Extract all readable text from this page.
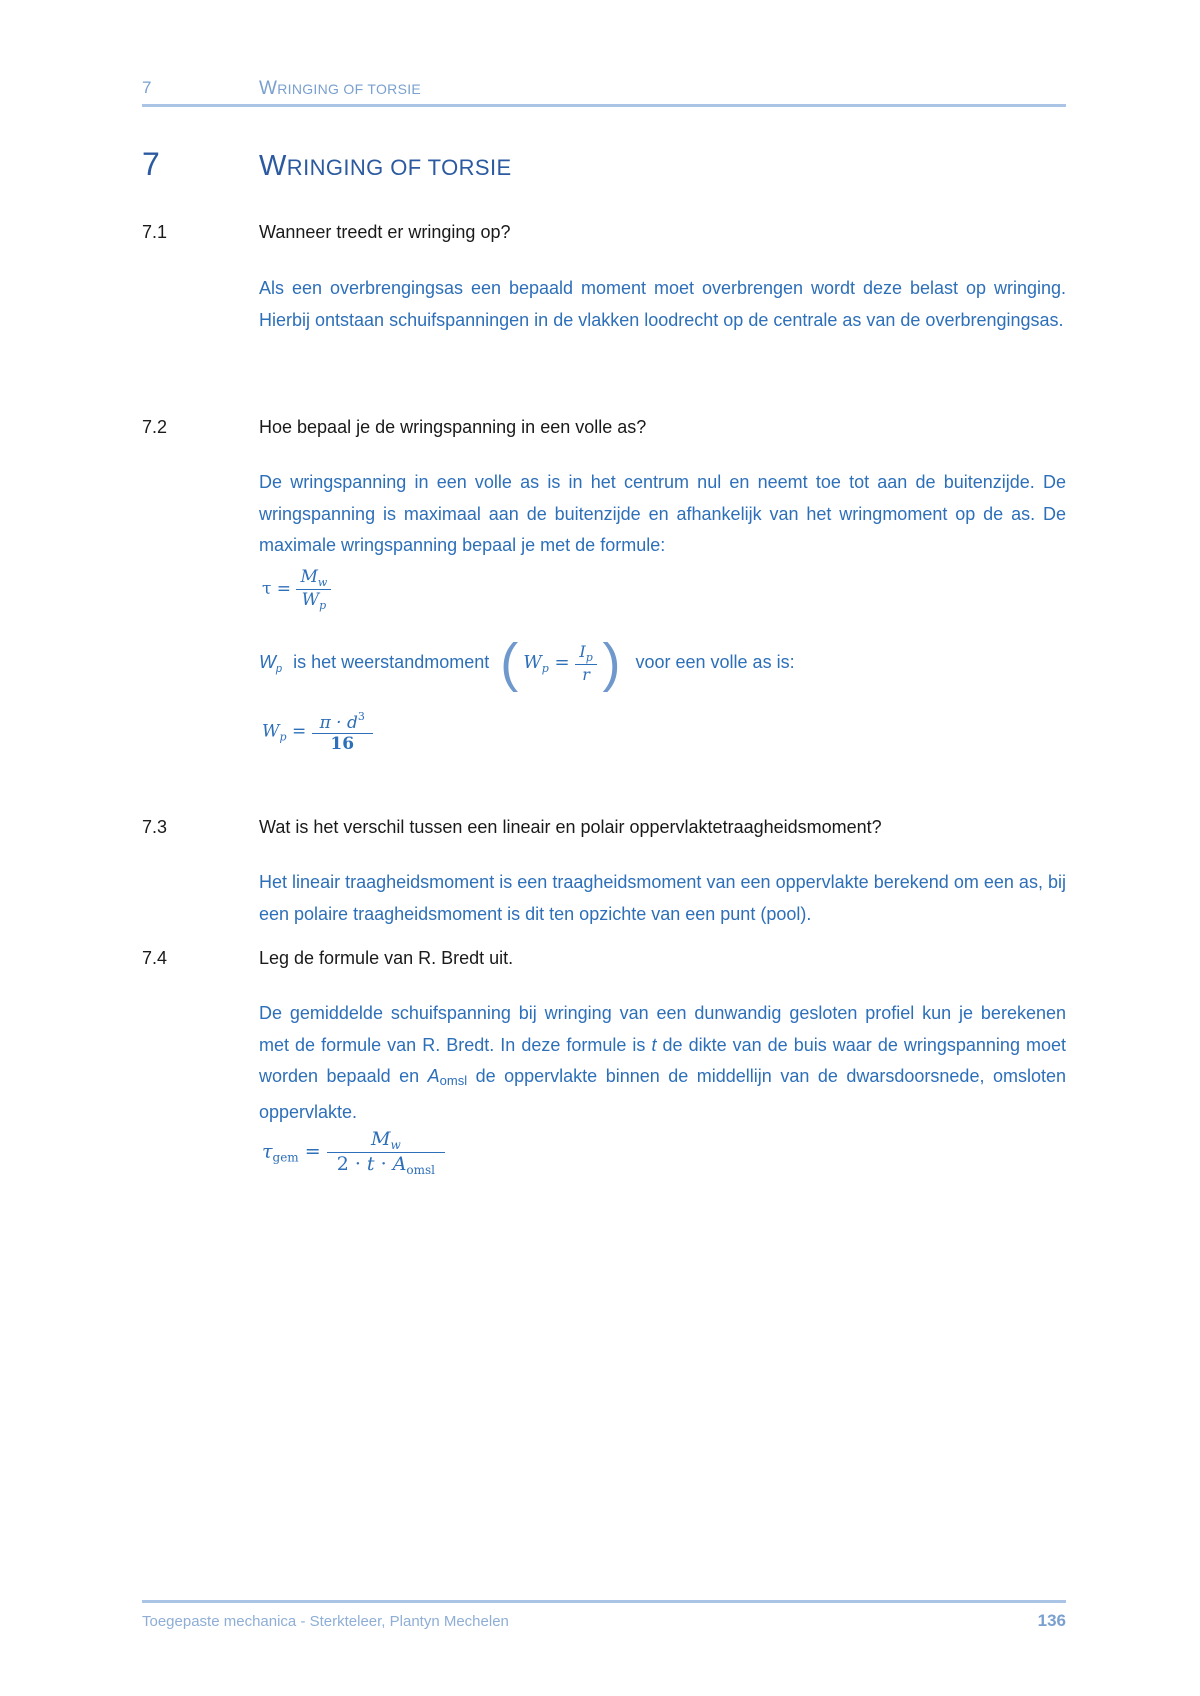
7	WRINGING OF TORSIE
7	WRINGING OF TORSIE
7.1	Wanneer treedt er wringing op?

Als een overbrengingsas een bepaald moment moet overbrengen wordt deze belast op wringing. Hierbij ontstaan schuifspanningen in de vlakken loodrecht op de centrale as van de overbrengingsas.

7.2	Hoe bepaal je de wringspanning in een volle as?

De wringspanning in een volle as is in het centrum nul en neemt toe tot aan de buitenzijde. De wringspanning is maximaal aan de buitenzijde en afhankelijk van het wringmoment op de as. De maximale wringspanning bepaal je met de formule:

$\tau = \frac{M_w}{W_p}$
$W_p$ is het weerstandmoment ( $W_p = \frac{I_p}{r}$ ) voor een volle as is:
$W_p = \frac{\pi \cdot d^3}{16}$
7.3	Wat is het verschil tussen een lineair en polair oppervlaktetraagheidsmoment?

Het lineair traagheidsmoment is een traagheidsmoment van een oppervlakte berekend om een as, bij een polaire traagheidsmoment is dit ten opzichte van een punt (pool).

7.4	Leg de formule van R. Bredt uit.

De gemiddelde schuifspanning bij wringing van een dunwandig gesloten profiel kun je berekenen met de formule van R. Bredt. In deze formule is t de dikte van de buis waar de wringspanning moet worden bepaald en Aomsl de oppervlakte binnen de middellijn van de dwarsdoorsnede, omsloten oppervlakte.

$\tau_{gem} = \frac{M_w}{2 \cdot t \cdot A_{omsl}}$
Toegepaste mechanica - Sterkteleer, Plantyn Mechelen	136
